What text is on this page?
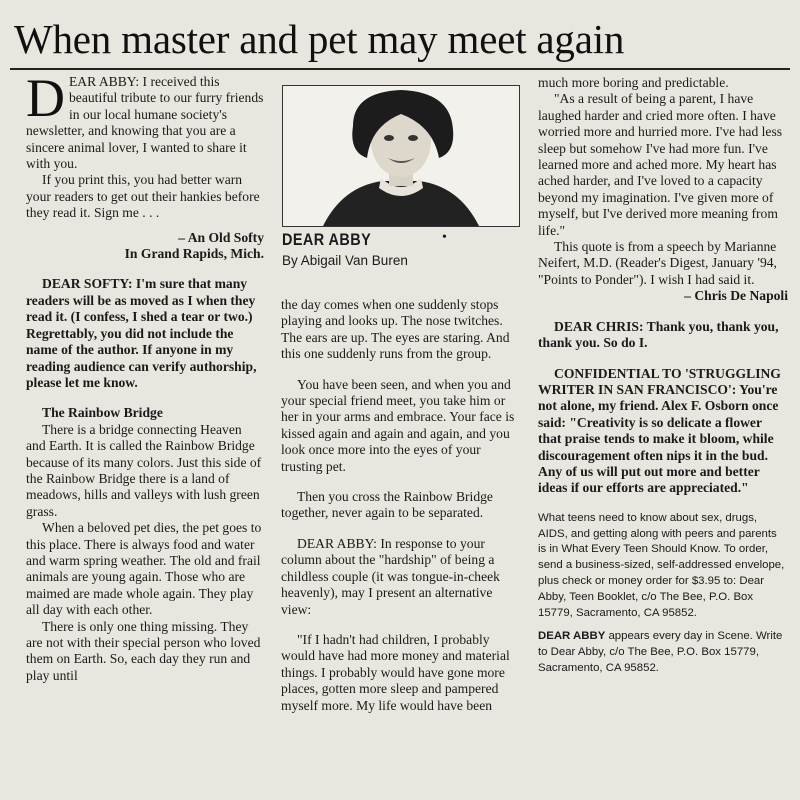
When master and pet may meet again
D EAR ABBY: I received this beautiful tribute to our furry friends in our local humane society's newsletter, and knowing that you are a sincere animal lover, I wanted to share it with you.

If you print this, you had better warn your readers to get out their hankies before they read it. Sign me . . .

– An Old Softy

In Grand Rapids, Mich.

DEAR SOFTY: I'm sure that many readers will be as moved as I when they read it. (I confess, I shed a tear or two.) Regrettably, you did not include the name of the author. If anyone in my reading audience can verify authorship, please let me know.

The Rainbow Bridge

There is a bridge connecting Heaven and Earth. It is called the Rainbow Bridge because of its many colors. Just this side of the Rainbow Bridge there is a land of meadows, hills and valleys with lush green grass.

When a beloved pet dies, the pet goes to this place. There is always food and water and warm spring weather. The old and frail animals are young again. Those who are maimed are made whole again. They play all day with each other.

There is only one thing missing. They are not with their special person who loved them on Earth. So, each day they run and play until

DEAR ABBY	•
By Abigail Van Buren

the day comes when one suddenly stops playing and looks up. The nose twitches. The ears are up. The eyes are staring. And this one suddenly runs from the group.

You have been seen, and when you and your special friend meet, you take him or her in your arms and embrace. Your face is kissed again and again and again, and you look once more into the eyes of your trusting pet.

Then you cross the Rainbow Bridge together, never again to be separated.

DEAR ABBY: In response to your column about the "hardship" of being a childless couple (it was tongue-in-cheek heavenly), may I present an alternative view:

"If I hadn't had children, I probably would have had more money and material things. I probably would have gone more places, gotten more sleep and pampered myself more. My life would have been

much more boring and predictable.

"As a result of being a parent, I have laughed harder and cried more often. I have worried more and hurried more. I've had less sleep but somehow I've had more fun. I've learned more and ached more. My heart has ached harder, and I've loved to a capacity beyond my imagination. I've given more of myself, but I've derived more meaning from life."

This quote is from a speech by Marianne Neifert, M.D. (Reader's Digest, January '94, "Points to Ponder"). I wish I had said it.

– Chris De Napoli

DEAR CHRIS: Thank you, thank you, thank you. So do I.

CONFIDENTIAL TO 'STRUGGLING WRITER IN SAN FRANCISCO': You're not alone, my friend. Alex F. Osborn once said: "Creativity is so delicate a flower that praise tends to make it bloom, while discouragement often nips it in the bud. Any of us will put out more and better ideas if our efforts are appreciated."

What teens need to know about sex, drugs, AIDS, and getting along with peers and parents is in What Every Teen Should Know. To order, send a business-sized, self-addressed envelope, plus check or money order for $3.95 to: Dear Abby, Teen Booklet, c/o The Bee, P.O. Box 15779, Sacramento, CA 95852.

DEAR ABBY appears every day in Scene. Write to Dear Abby, c/o The Bee, P.O. Box 15779, Sacramento, CA 95852.
